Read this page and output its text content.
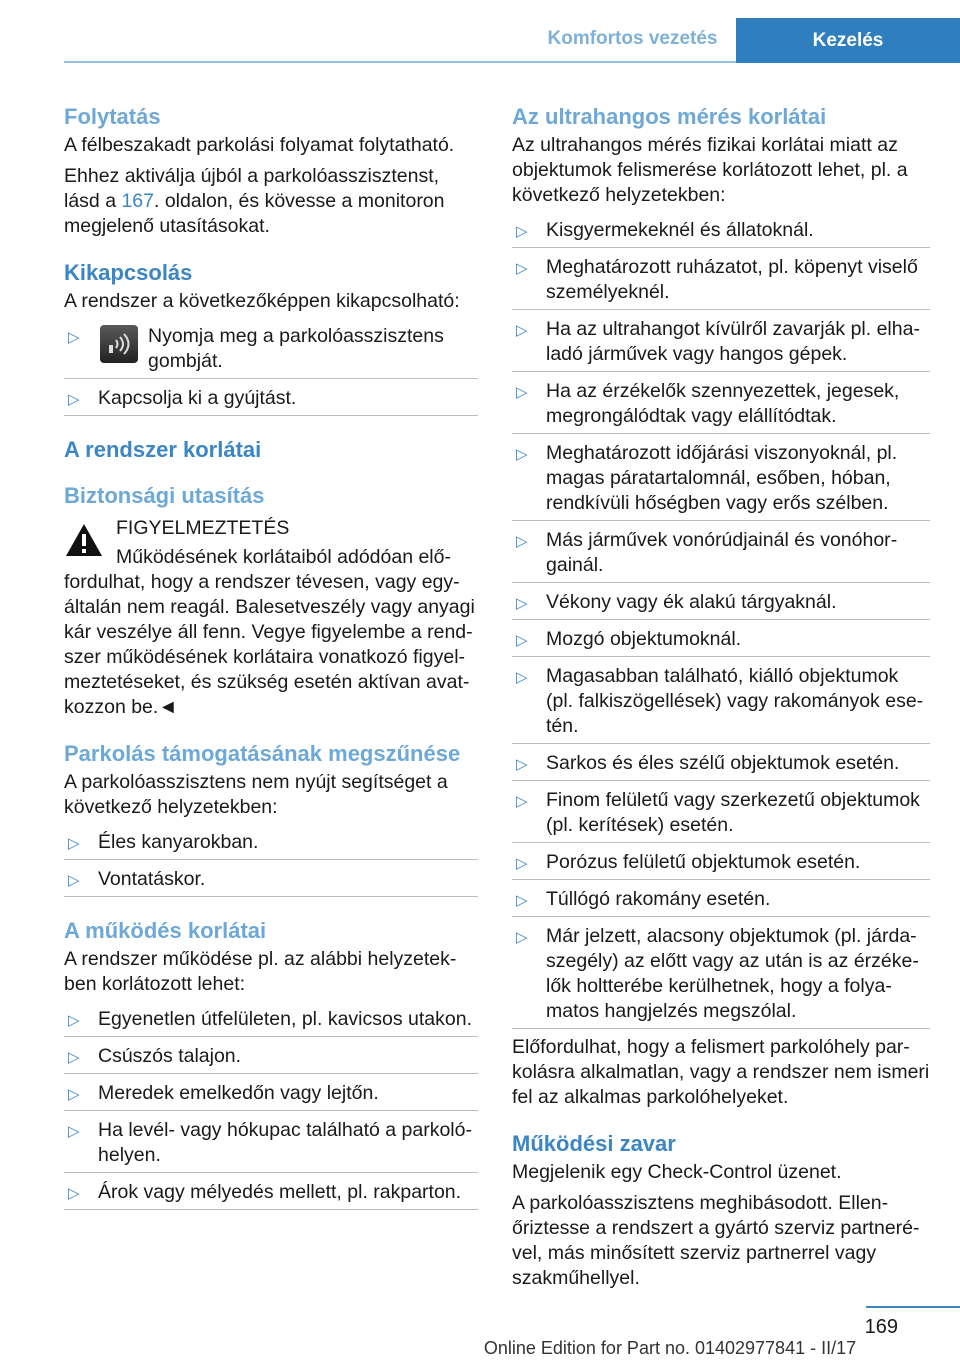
Komfortos vezetés	Kezelés
Folytatás

A félbeszakadt parkolási folyamat folytatható.

Ehhez aktiválja újból a parkolóasszisztenst, lásd a 167. oldalon, és kövesse a monitoron megjelenő utasításokat.

Kikapcsolás

A rendszer a következőképpen kikapcsolható:

▷	Nyomja meg a parkolóasszisztens gombját.
▷ Kapcsolja ki a gyújtást.
A rendszer korlátai
Biztonsági utasítás
FIGYELMEZTETÉS
Működésének korlátaiból adódóan előfordulhat, hogy a rendszer tévesen, vagy egyáltalán nem reagál. Balesetveszély vagy anyagi kár veszélye áll fenn. Vegye figyelembe a rendszer működésének korlátaira vonatkozó figyelmeztetéseket, és szükség esetén aktívan avatkozzon be.◄
Parkolás támogatásának megszűnése

A parkolóasszisztens nem nyújt segítséget a következő helyzetekben:

▷ Éles kanyarokban.
▷ Vontatáskor.
A működés korlátai

A rendszer működése pl. az alábbi helyzetekben korlátozott lehet:

▷ Egyenetlen útfelületen, pl. kavicsos utakon.
▷ Csúszós talajon.
▷ Meredek emelkedőn vagy lejtőn.
▷ Ha levél- vagy hókupac található a parkolóhelyen.
▷ Árok vagy mélyedés mellett, pl. rakparton.
Az ultrahangos mérés korlátai

Az ultrahangos mérés fizikai korlátai miatt az objektumok felismerése korlátozott lehet, pl. a következő helyzetekben:

▷ Kisgyermekeknél és állatoknál.
▷ Meghatározott ruházatot, pl. köpenyt viselő személyeknél.
▷ Ha az ultrahangot kívülről zavarják pl. elhaladó járművek vagy hangos gépek.
▷ Ha az érzékelők szennyezettek, jegesek, megrongálódtak vagy elállítódtak.
▷ Meghatározott időjárási viszonyoknál, pl. magas páratartalomnál, esőben, hóban, rendkívüli hőségben vagy erős szélben.
▷ Más járművek vonórúdjainál és vonóhorgainál.
▷ Vékony vagy ék alakú tárgyaknál.
▷ Mozgó objektumoknál.
▷ Magasabban található, kiálló objektumok (pl. falkiszögellések) vagy rakományok esetén.
▷ Sarkos és éles szélű objektumok esetén.
▷ Finom felületű vagy szerkezetű objektumok (pl. kerítések) esetén.
▷ Porózus felületű objektumok esetén.
▷ Túllógó rakomány esetén.
▷ Már jelzett, alacsony objektumok (pl. járdaszegély) az előtt vagy az után is az érzékelők holtterébe kerülhetnek, hogy a folyamatos hangjelzés megszólal.

Előfordulhat, hogy a felismert parkolóhely parkolásra alkalmatlan, vagy a rendszer nem ismeri fel az alkalmas parkolóhelyeket.

Működési zavar

Megjelenik egy Check-Control üzenet.

A parkolóasszisztens meghibásodott. Ellenőriztesse a rendszert a gyártó szerviz partnerével, más minősített szerviz partnerrel vagy szakműhellyel.

169
Online Edition for Part no. 01402977841 - II/17
